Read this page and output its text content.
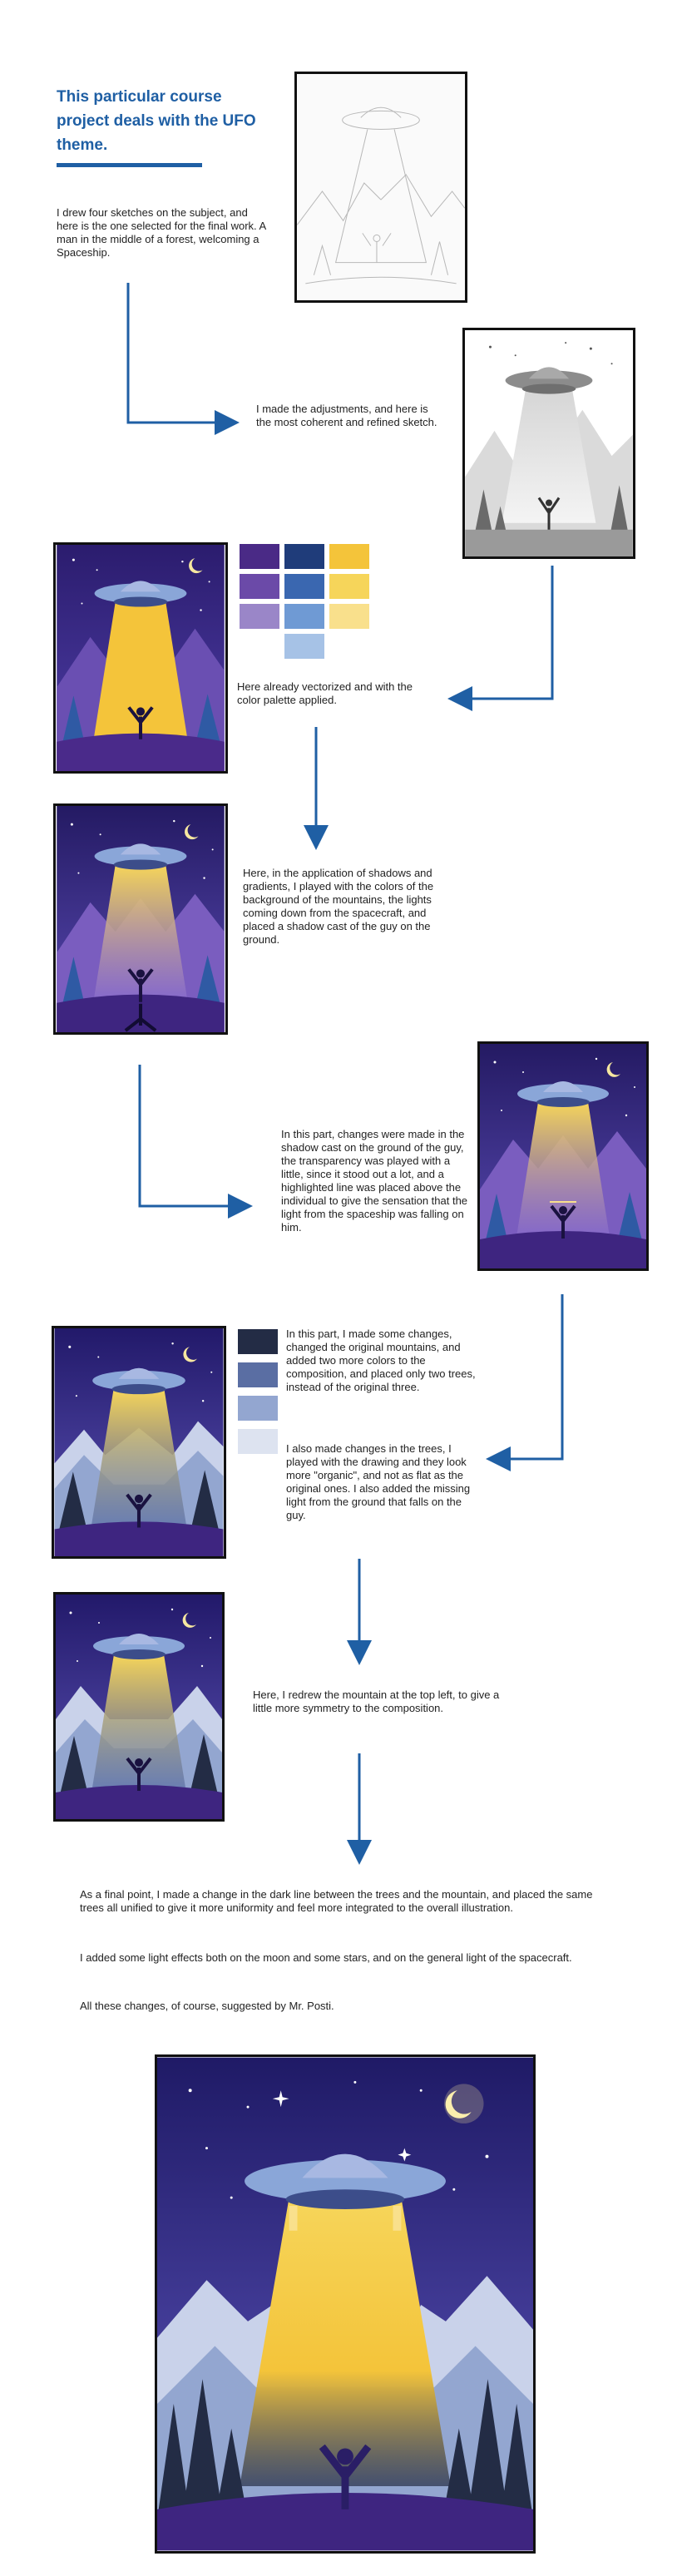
This particular course project deals with the UFO theme.
I drew four sketches on the subject, and here is the one selected for the final work. A man in the middle of a forest, welcoming a Spaceship.
I made the adjustments, and here is the most coherent and refined sketch.
Here already vectorized and with the color palette applied.
Here, in the application of shadows and gradients, I played with the colors of the background of the mountains, the lights coming down from the spacecraft, and placed a shadow cast of the guy on the ground.
In this part, changes were made in the shadow cast on the ground of the guy, the transparency was played with a little, since it stood out a lot, and a highlighted line was placed above the individual to give the sensation that the light from the spaceship was falling on him.
In this part, I made some changes, changed the original mountains, and added two more colors to the composition, and placed only two trees, instead of the original three.
I also made changes in the trees, I played with the drawing and they look more "organic", and not as flat as the original ones. I also added the missing light from the ground that falls on the guy.
Here, I redrew the mountain at the top left, to give a little more symmetry to the composition.
As a final point, I made a change in the dark line between the trees and the mountain, and placed the same trees all unified to give it more uniformity and feel more integrated to the overall illustration.
I added some light effects both on the moon and some stars, and on the general light of the spacecraft.
All these changes, of course, suggested by Mr. Posti.
